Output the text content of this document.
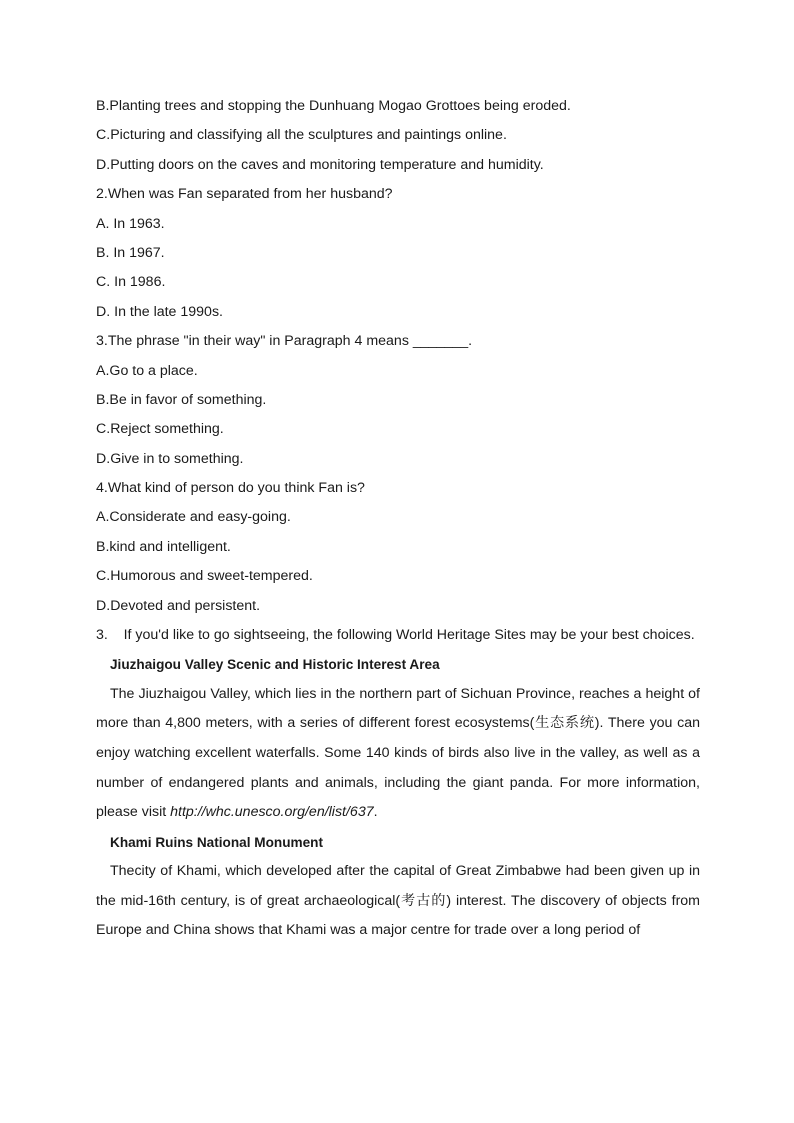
B.Planting trees and stopping the Dunhuang Mogao Grottoes being eroded.
C.Picturing and classifying all the sculptures and paintings online.
D.Putting doors on the caves and monitoring temperature and humidity.
2.When was Fan separated from her husband?
A. In 1963.
B. In 1967.
C. In 1986.
D. In the late 1990s.
3.The phrase "in their way" in Paragraph 4 means _______.
A.Go to a place.
B.Be in favor of something.
C.Reject something.
D.Give in to something.
4.What kind of person do you think Fan is?
A.Considerate and easy-going.
B.kind and intelligent.
C.Humorous and sweet-tempered.
D.Devoted and persistent.
3.    If you'd like to go sightseeing, the following World Heritage Sites may be your best choices.
Jiuzhaigou Valley Scenic and Historic Interest Area
The Jiuzhaigou Valley, which lies in the northern part of Sichuan Province, reaches a height of more than 4,800 meters, with a series of different forest ecosystems(生态系统). There you can enjoy watching excellent waterfalls. Some 140 kinds of birds also live in the valley, as well as a number of endangered plants and animals, including the giant panda. For more information, please visit http://whc.unesco.org/en/list/637.
Khami Ruins National Monument
Thecity of Khami, which developed after the capital of Great Zimbabwe had been given up in the mid-16th century, is of great archaeological(考古的) interest. The discovery of objects from Europe and China shows that Khami was a major centre for trade over a long period of
